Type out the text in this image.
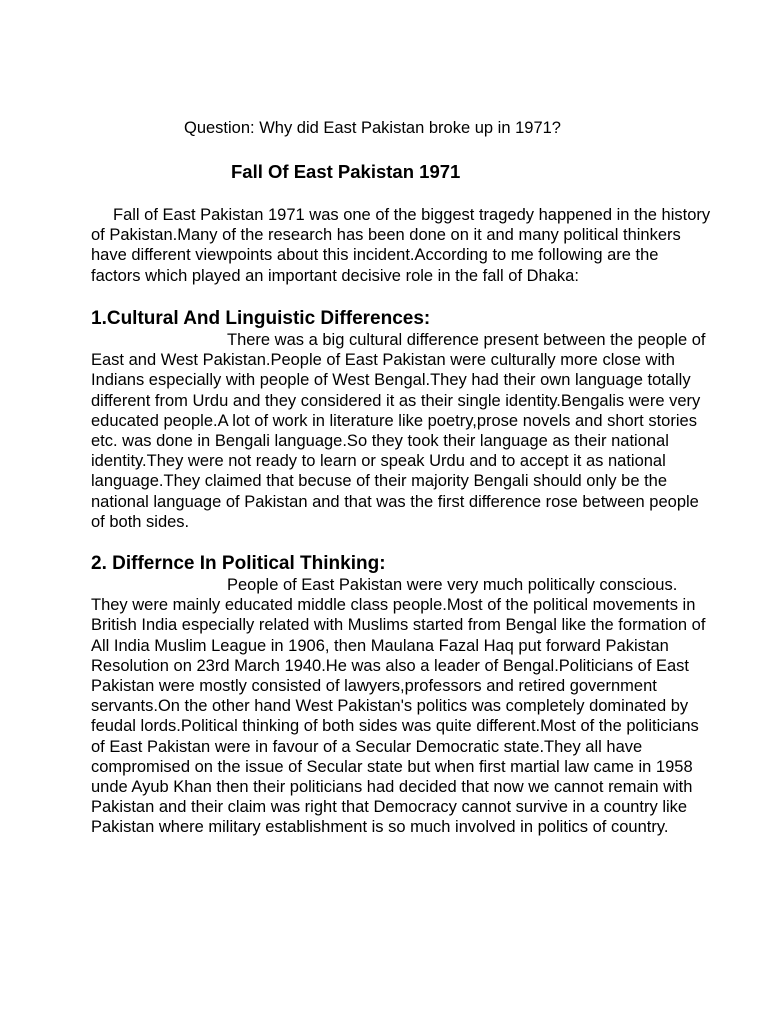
Question: Why did East Pakistan broke up in 1971?
Fall Of East Pakistan 1971

Fall of East Pakistan 1971 was one of the biggest tragedy happened in the history of Pakistan.Many of the research has been done on it and many political thinkers have different viewpoints about this incident.According to me following are the factors which played an important decisive role in the fall of Dhaka:

1.Cultural And Linguistic Differences:

There was a big cultural difference present between the people of East and West Pakistan.People of East Pakistan were culturally more close with Indians especially with people of West Bengal.They had their own language totally different from Urdu and they considered it as their single identity.Bengalis were very educated people.A lot of work in literature like poetry,prose novels and short stories etc. was done in Bengali language.So they took their language as their national identity.They were not ready to learn or speak Urdu and to accept it as national language.They claimed that becuse of their majority Bengali should only be the national language of Pakistan and that was the first difference rose between people of both sides.

2. Differnce In Political Thinking:

People of East Pakistan were very much politically conscious. They were mainly educated middle class people.Most of the political movements in British India especially related with Muslims started from Bengal like the formation of All India Muslim League in 1906, then Maulana Fazal Haq put forward Pakistan Resolution on 23rd March 1940.He was also a leader of Bengal.Politicians of East Pakistan were mostly consisted of lawyers,professors and retired government servants.On the other hand West Pakistan's politics was completely dominated by feudal lords.Political thinking of both sides was quite different.Most of the politicians of East Pakistan were in favour of a Secular Democratic state.They all have compromised on the issue of Secular state but when first martial law came in 1958 unde Ayub Khan then their politicians had decided that now we cannot remain with Pakistan and their claim was right that Democracy cannot survive in a country like Pakistan where military establishment is so much involved in politics of country.
